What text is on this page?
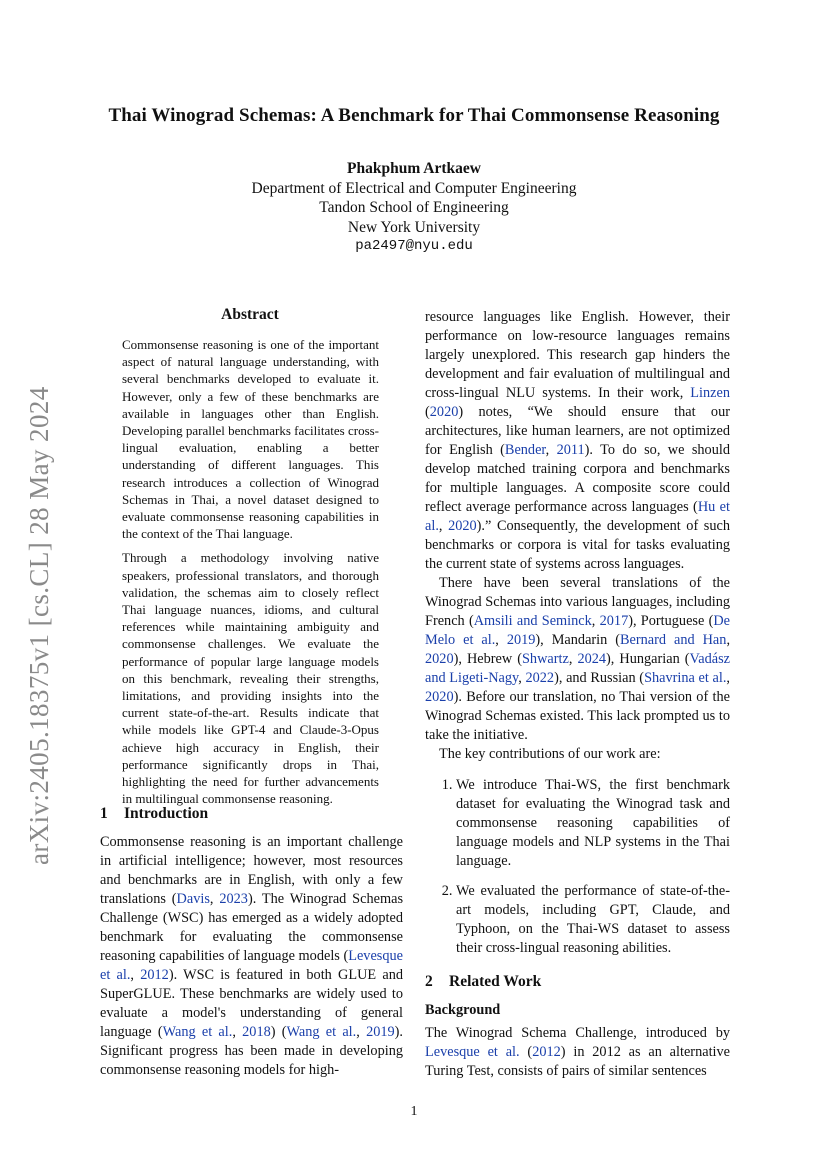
Thai Winograd Schemas: A Benchmark for Thai Commonsense Reasoning
Phakphum Artkaew
Department of Electrical and Computer Engineering
Tandon School of Engineering
New York University
pa2497@nyu.edu
arXiv:2405.18375v1 [cs.CL] 28 May 2024
Abstract

Commonsense reasoning is one of the important aspect of natural language understanding, with several benchmarks developed to evaluate it. However, only a few of these benchmarks are available in languages other than English. Developing parallel benchmarks facilitates cross-lingual evaluation, enabling a better understanding of different languages. This research introduces a collection of Winograd Schemas in Thai, a novel dataset designed to evaluate commonsense reasoning capabilities in the context of the Thai language.

Through a methodology involving native speakers, professional translators, and thorough validation, the schemas aim to closely reflect Thai language nuances, idioms, and cultural references while maintaining ambiguity and commonsense challenges. We evaluate the performance of popular large language models on this benchmark, revealing their strengths, limitations, and providing insights into the current state-of-the-art. Results indicate that while models like GPT-4 and Claude-3-Opus achieve high accuracy in English, their performance significantly drops in Thai, highlighting the need for further advancements in multilingual commonsense reasoning.

1 Introduction

Commonsense reasoning is an important challenge in artificial intelligence; however, most resources and benchmarks are in English, with only a few translations (Davis, 2023). The Winograd Schemas Challenge (WSC) has emerged as a widely adopted benchmark for evaluating the commonsense reasoning capabilities of language models (Levesque et al., 2012). WSC is featured in both GLUE and SuperGLUE. These benchmarks are widely used to evaluate a model's understanding of general language (Wang et al., 2018) (Wang et al., 2019). Significant progress has been made in developing commonsense reasoning models for high-

resource languages like English. However, their performance on low-resource languages remains largely unexplored. This research gap hinders the development and fair evaluation of multilingual and cross-lingual NLU systems. In their work, Linzen (2020) notes, “We should ensure that our architectures, like human learners, are not optimized for English (Bender, 2011). To do so, we should develop matched training corpora and benchmarks for multiple languages. A composite score could reflect average performance across languages (Hu et al., 2020).” Consequently, the development of such benchmarks or corpora is vital for tasks evaluating the current state of systems across languages.

There have been several translations of the Winograd Schemas into various languages, including French (Amsili and Seminck, 2017), Portuguese (De Melo et al., 2019), Mandarin (Bernard and Han, 2020), Hebrew (Shwartz, 2024), Hungarian (Vadász and Ligeti-Nagy, 2022), and Russian (Shavrina et al., 2020). Before our translation, no Thai version of the Winograd Schemas existed. This lack prompted us to take the initiative.

The key contributions of our work are:

1. We introduce Thai-WS, the first benchmark dataset for evaluating the Winograd task and commonsense reasoning capabilities of language models and NLP systems in the Thai language.
2. We evaluated the performance of state-of-the-art models, including GPT, Claude, and Typhoon, on the Thai-WS dataset to assess their cross-lingual reasoning abilities.
2 Related Work
Background

The Winograd Schema Challenge, introduced by Levesque et al. (2012) in 2012 as an alternative Turing Test, consists of pairs of similar sentences

1
